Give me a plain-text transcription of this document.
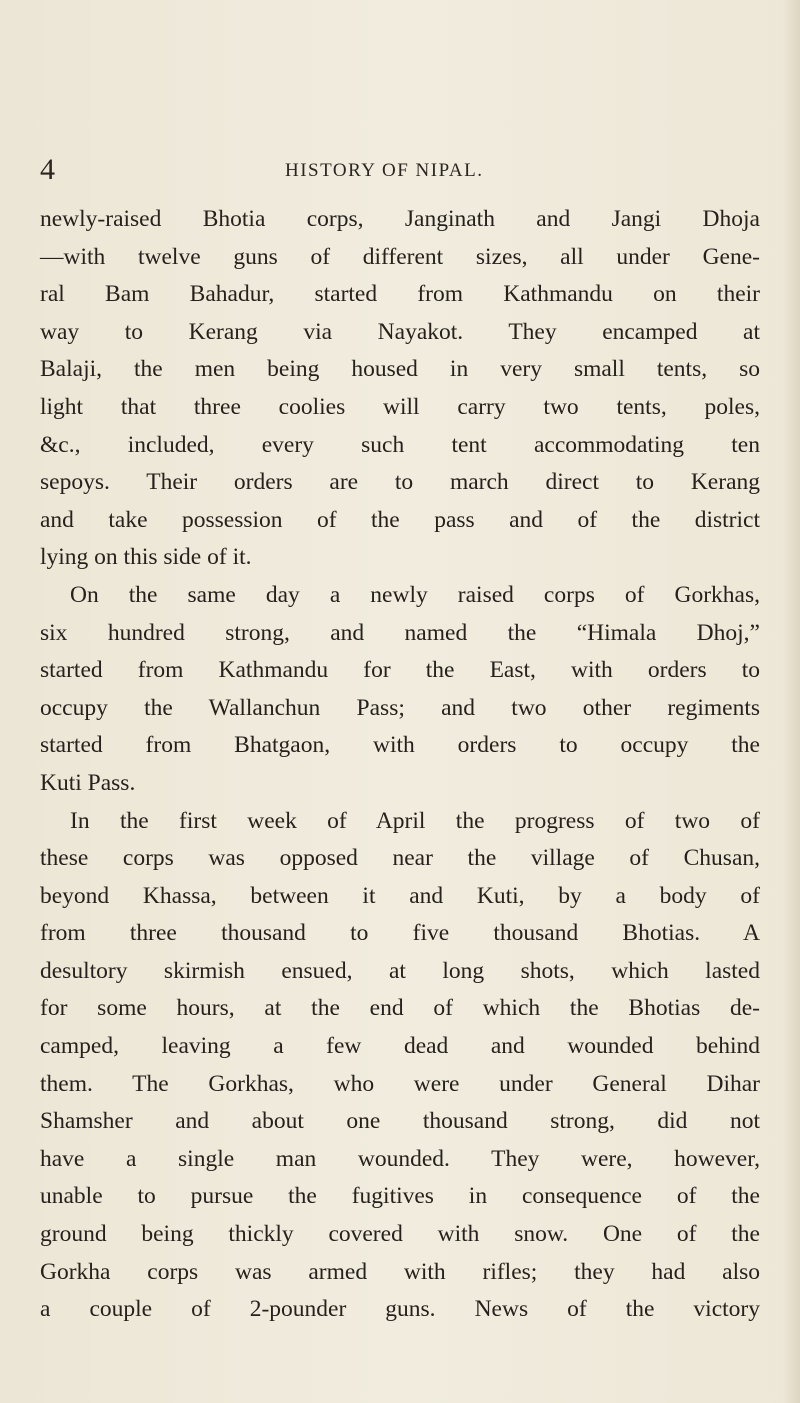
4	HISTORY OF NIPAL.
newly-raised Bhotia corps, Janginath and Jangi Dhoja
—with twelve guns of different sizes, all under Gene-
ral Bam Bahadur, started from Kathmandu on their
way to Kerang via Nayakot. They encamped at
Balaji, the men being housed in very small tents, so
light that three coolies will carry two tents, poles,
&c., included, every such tent accommodating ten
sepoys. Their orders are to march direct to Kerang
and take possession of the pass and of the district
lying on this side of it.
On the same day a newly raised corps of Gorkhas,
six hundred strong, and named the “Himala Dhoj,”
started from Kathmandu for the East, with orders to
occupy the Wallanchun Pass; and two other regiments
started from Bhatgaon, with orders to occupy the
Kuti Pass.
In the first week of April the progress of two of
these corps was opposed near the village of Chusan,
beyond Khassa, between it and Kuti, by a body of
from three thousand to five thousand Bhotias. A
desultory skirmish ensued, at long shots, which lasted
for some hours, at the end of which the Bhotias de-
camped, leaving a few dead and wounded behind
them. The Gorkhas, who were under General Dihar
Shamsher and about one thousand strong, did not
have a single man wounded. They were, however,
unable to pursue the fugitives in consequence of the
ground being thickly covered with snow. One of the
Gorkha corps was armed with rifles; they had also
a couple of 2-pounder guns. News of the victory
